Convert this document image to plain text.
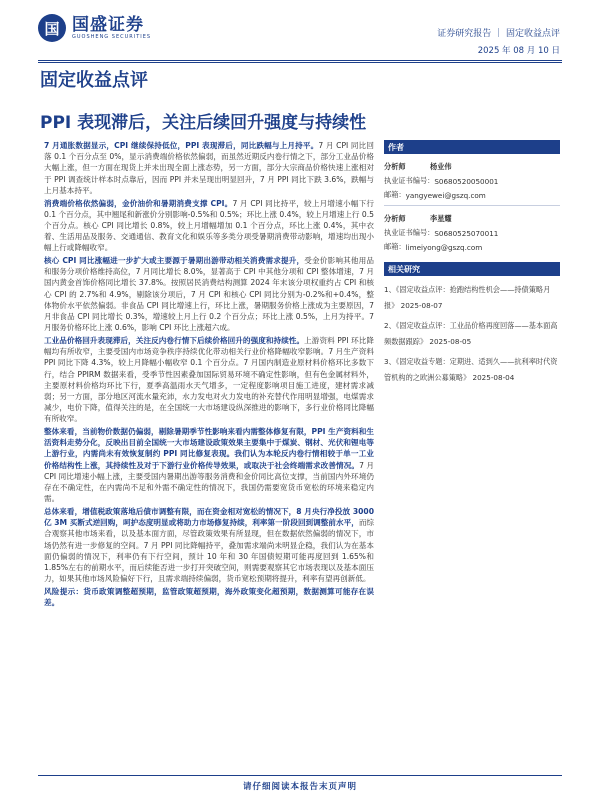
国 国盛证券
GUOSHENG SECURITIES	证券研究报告 ｜ 固定收益点评
2025 年 08 月 10 日
固定收益点评
PPI 表现滞后，关注后续回升强度与持续性

7 月通胀数据显示，CPI 继续保持低位，PPI 表现滞后，同比跌幅与上月持平。7 月 CPI 同比回落 0.1 个百分点至 0%，显示消费端价格依然偏弱，而虽然近期反内卷行情之下，部分工业品价格大幅上涨，但一方面在现货上并未出现全面上涨态势，另一方面，部分大宗商品价格快速上涨相对于 PPI 调查统计样本时点靠后，因而 PPI 并未呈现出明显回升，7 月 PPI 同比下跌 3.6%，跌幅与上月基本持平。

消费端价格依然偏弱，金价油价和暑期消费支撑 CPI。7 月 CPI 同比持平，较上月增速小幅下行 0.1 个百分点，其中翘尾和新涨价分别影响-0.5%和 0.5%；环比上涨 0.4%，较上月增速上行 0.5 个百分点。核心 CPI 同比增长 0.8%，较上月增幅增加 0.1 个百分点，环比上涨 0.4%，其中衣着、生活用品及服务、交通通信、教育文化和娱乐等多类分项受暑期消费带动影响，增速均出现小幅上行或降幅收窄。

核心 CPI 同比涨幅进一步扩大或主要源于暑期出游带动相关消费需求提升，受金价影响其他用品和服务分项价格维持高位，7 月同比增长 8.0%，显著高于 CPI 中其他分项和 CPI 整体增速，7 月国内黄金首饰价格同比增长 37.8%。按照居民消费结构测算 2024 年末该分项权重约占 CPI 和核心 CPI 的 2.7%和 4.9%，剔除该分项后，7 月 CPI 和核心 CPI 同比分别为-0.2%和+0.4%，整体物价水平依然偏弱。非食品 CPI 同比增速上行，环比上涨，暑期服务价格上涨成为主要原因，7 月非食品 CPI 同比增长 0.3%，增速较上月上行 0.2 个百分点；环比上涨 0.5%，上月为持平。7 月服务价格环比上涨 0.6%，影响 CPI 环比上涨超六成。

工业品价格回升表现滞后，关注反内卷行情下后续价格回升的强度和持续性。上游资料 PPI 环比降幅均有所收窄，主要受国内市场竞争秩序持续优化带动相关行业价格降幅收窄影响。7 月生产资料 PPI 同比下降 4.3%，较上月降幅小幅收窄 0.1 个百分点。7 月国内制造业原材料价格环比多数下行，结合 PPIRM 数据来看，受季节性因素叠加国际贸易环境不确定性影响，但有色金属材料外，主要原材料价格均环比下行，夏季高温雨水天气增多，一定程度影响项目施工进度，建材需求减弱；另一方面，部分地区河流水量充沛，水力发电对火力发电的补充替代作用明显增强，电煤需求减少，电价下降，值得关注的是，在全国统一大市场建设纵深推进的影响下，多行业价格同比降幅有所收窄。

整体来看，当前物价数据仍偏弱，剔除暑期季节性影响来看内需整体修复有限，PPI 生产资料和生活资料走势分化，反映出目前全国统一大市场建设政策效果主要集中于煤炭、钢材、光伏和锂电等上游行业，内需尚未有效恢复制约 PPI 同比修复表现。我们认为本轮反内卷行情相较于单一工业价格结构性上涨，其持续性及对于下游行业价格传导效果，或取决于社会终端需求改善情况。7 月 CPI 同比增速小幅上涨，主要受国内暑期出游等服务消费和金价同比高位支撑，当前国内外环境仍存在不确定性，在内需尚不足和外需不确定性的情况下，我国仍需要宽货币宽松的环境来稳定内需。

总体来看，增值税政策落地后债市调整有限，而在资金相对宽松的情况下，8 月央行净投放 3000 亿 3M 买断式逆回购，呵护态度明显或将助力市场修复持续，利率第一阶段回到调整前水平，而综合观察其他市场来看，以及基本面方面，尽管政策效果有所显现，但在数据依然偏弱的情况下，市场仍然有进一步修复的空间。7 月 PPI 同比降幅持平，叠加需求端尚未明显企稳，我们认为在基本面仍偏弱的情况下，利率仍有下行空间，预计 10 年和 30 年国债短期可能再度回到 1.65%和 1.85%左右的前期水平，而后续能否进一步打开突破空间，则需要观察其它市场表现以及基本面压力，如果其他市场风险偏好下行，且需求端持续偏弱，货币宽松预期将提升，利率有望再创新低。

风险提示：货币政策调整超预期，监管政策超预期，海外政策变化超预期，数据测算可能存在误差。

作者
分析师	杨业伟
执业证书编号： S0680520050001
邮箱： yangyewei@gszq.com
分析师	李星耀
执业证书编号： S0680525070011
邮箱： limeiyong@gszq.com
相关研究
1、《固定收益点评：抢跑结构性机会——持债策略月报》 2025-08-07
2、《固定收益点评：工业品价格再度回落——基本面高频数据跟踪》 2025-08-05
3、《固定收益专题：定期进、适到久——抗利率时代资管机构的之欧洲公募策略》 2025-08-04
请仔细阅读本报告末页声明
